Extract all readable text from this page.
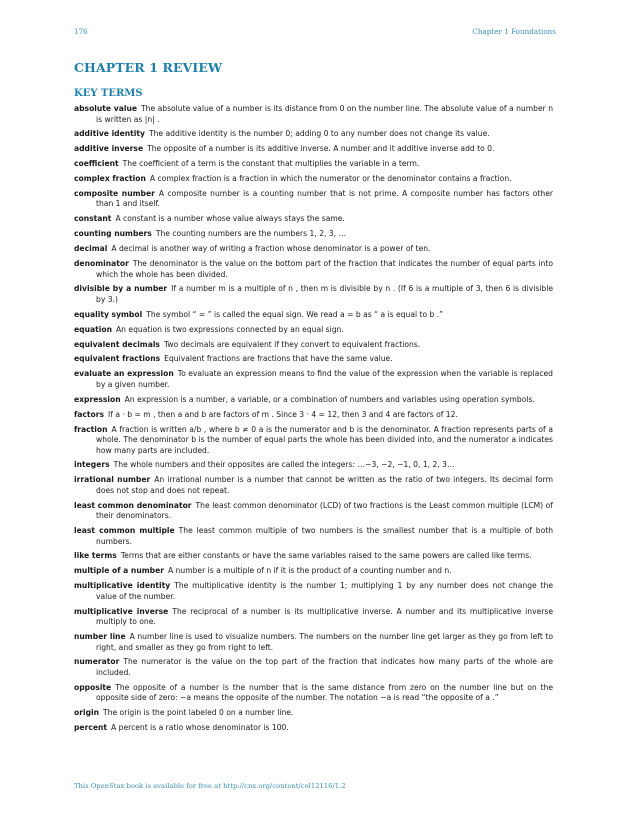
176	Chapter 1 Foundations
CHAPTER 1 REVIEW
KEY TERMS
absolute value The absolute value of a number is its distance from 0 on the number line. The absolute value of a number n is written as |n| .
additive identity The additive identity is the number 0; adding 0 to any number does not change its value.
additive inverse The opposite of a number is its additive inverse. A number and it additive inverse add to 0.
coefficient The coefficient of a term is the constant that multiplies the variable in a term.
complex fraction A complex fraction is a fraction in which the numerator or the denominator contains a fraction.
composite number A composite number is a counting number that is not prime. A composite number has factors other than 1 and itself.
constant A constant is a number whose value always stays the same.
counting numbers The counting numbers are the numbers 1, 2, 3, …
decimal A decimal is another way of writing a fraction whose denominator is a power of ten.
denominator The denominator is the value on the bottom part of the fraction that indicates the number of equal parts into which the whole has been divided.
divisible by a number If a number m is a multiple of n , then m is divisible by n . (If 6 is a multiple of 3, then 6 is divisible by 3.)
equality symbol The symbol “ = ” is called the equal sign. We read a = b as “ a is equal to b .”
equation An equation is two expressions connected by an equal sign.
equivalent decimals Two decimals are equivalent if they convert to equivalent fractions.
equivalent fractions Equivalent fractions are fractions that have the same value.
evaluate an expression To evaluate an expression means to find the value of the expression when the variable is replaced by a given number.
expression An expression is a number, a variable, or a combination of numbers and variables using operation symbols.
factors If a · b = m , then a and b are factors of m . Since 3 · 4 = 12, then 3 and 4 are factors of 12.
fraction A fraction is written a/b , where b ≠ 0 a is the numerator and b is the denominator. A fraction represents parts of a whole. The denominator b is the number of equal parts the whole has been divided into, and the numerator a indicates how many parts are included.
integers The whole numbers and their opposites are called the integers: …−3, −2, −1, 0, 1, 2, 3…
irrational number An irrational number is a number that cannot be written as the ratio of two integers. Its decimal form does not stop and does not repeat.
least common denominator The least common denominator (LCD) of two fractions is the Least common multiple (LCM) of their denominators.
least common multiple The least common multiple of two numbers is the smallest number that is a multiple of both numbers.
like terms Terms that are either constants or have the same variables raised to the same powers are called like terms.
multiple of a number A number is a multiple of n if it is the product of a counting number and n.
multiplicative identity The multiplicative identity is the number 1; multiplying 1 by any number does not change the value of the number.
multiplicative inverse The reciprocal of a number is its multiplicative inverse. A number and its multiplicative inverse multiply to one.
number line A number line is used to visualize numbers. The numbers on the number line get larger as they go from left to right, and smaller as they go from right to left.
numerator The numerator is the value on the top part of the fraction that indicates how many parts of the whole are included.
opposite The opposite of a number is the number that is the same distance from zero on the number line but on the opposite side of zero: −a means the opposite of the number. The notation −a is read “the opposite of a .”
origin The origin is the point labeled 0 on a number line.
percent A percent is a ratio whose denominator is 100.
This OpenStax book is available for free at http://cnx.org/content/col12116/1.2
